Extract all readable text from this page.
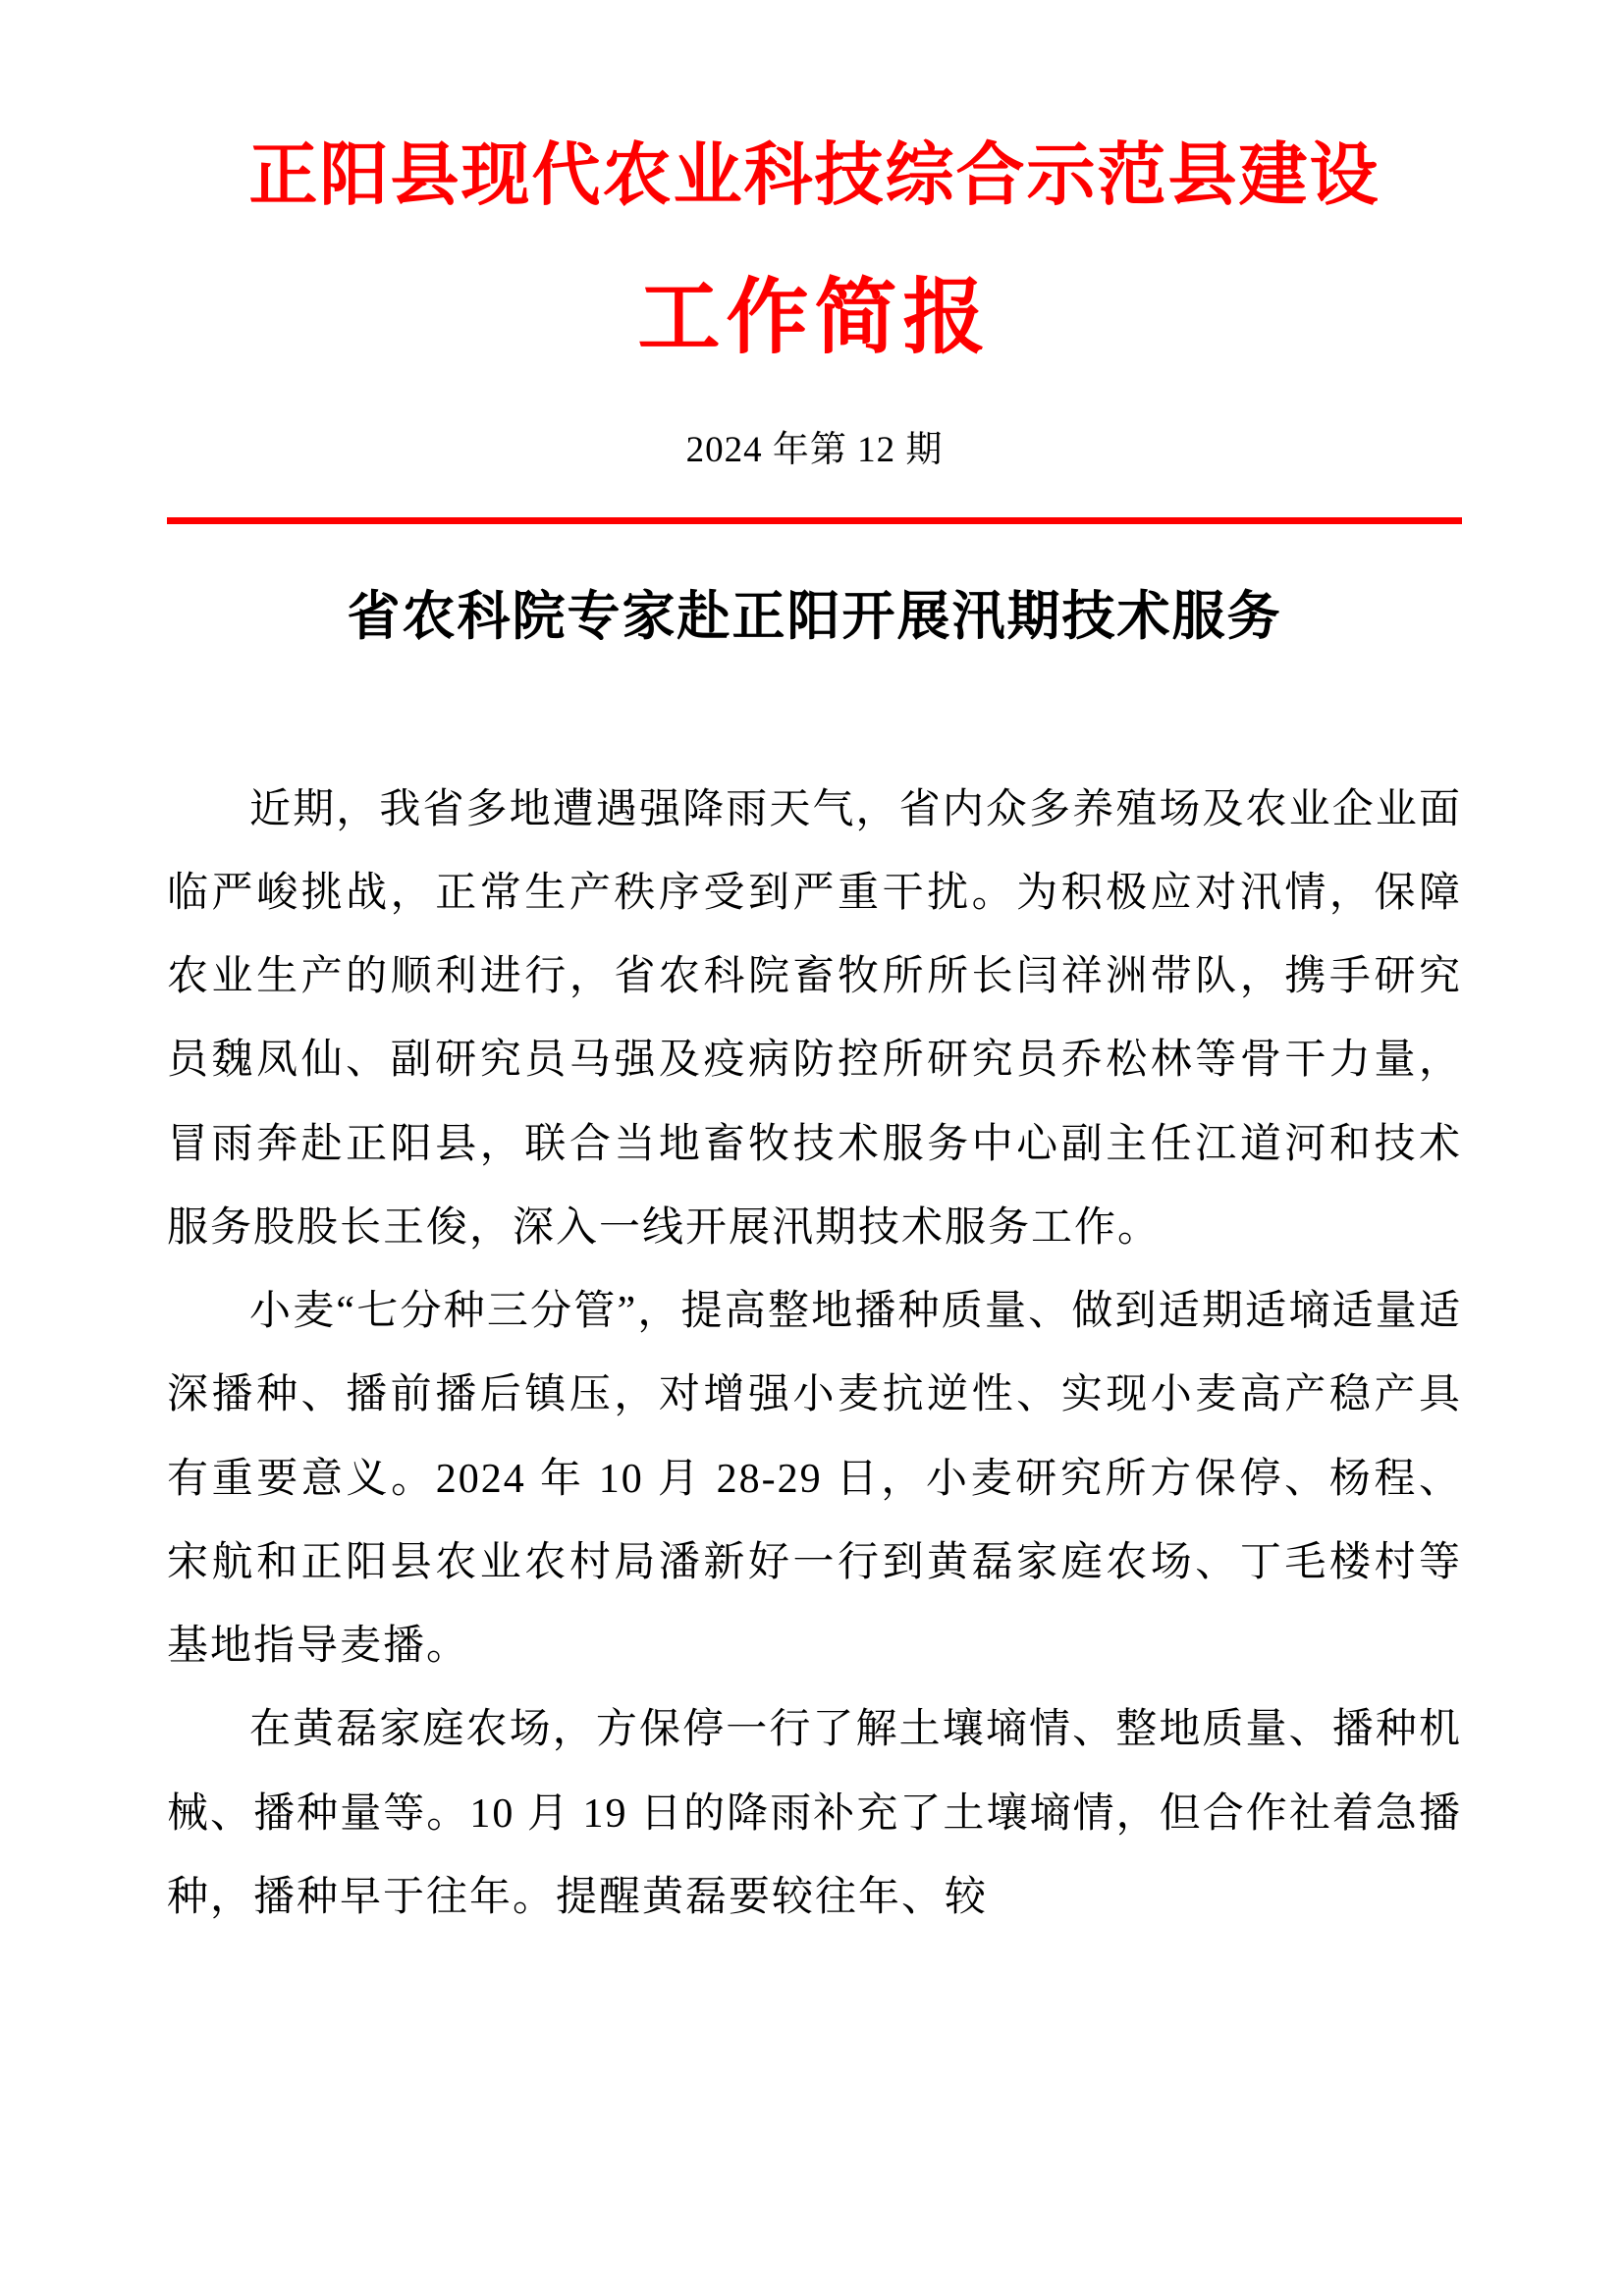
正阳县现代农业科技综合示范县建设
工作简报
2024 年第 12 期
省农科院专家赴正阳开展汛期技术服务

近期，我省多地遭遇强降雨天气，省内众多养殖场及农业企业面临严峻挑战，正常生产秩序受到严重干扰。为积极应对汛情，保障农业生产的顺利进行，省农科院畜牧所所长闫祥洲带队，携手研究员魏凤仙、副研究员马强及疫病防控所研究员乔松林等骨干力量，冒雨奔赴正阳县，联合当地畜牧技术服务中心副主任江道河和技术服务股股长王俊，深入一线开展汛期技术服务工作。

小麦“七分种三分管”，提高整地播种质量、做到适期适墒适量适深播种、播前播后镇压，对增强小麦抗逆性、实现小麦高产稳产具有重要意义。2024 年 10 月 28-29 日，小麦研究所方保停、杨程、宋航和正阳县农业农村局潘新好一行到黄磊家庭农场、丁毛楼村等基地指导麦播。

在黄磊家庭农场，方保停一行了解土壤墒情、整地质量、播种机械、播种量等。10 月 19 日的降雨补充了土壤墒情，但合作社着急播种，播种早于往年。提醒黄磊要较往年、较
